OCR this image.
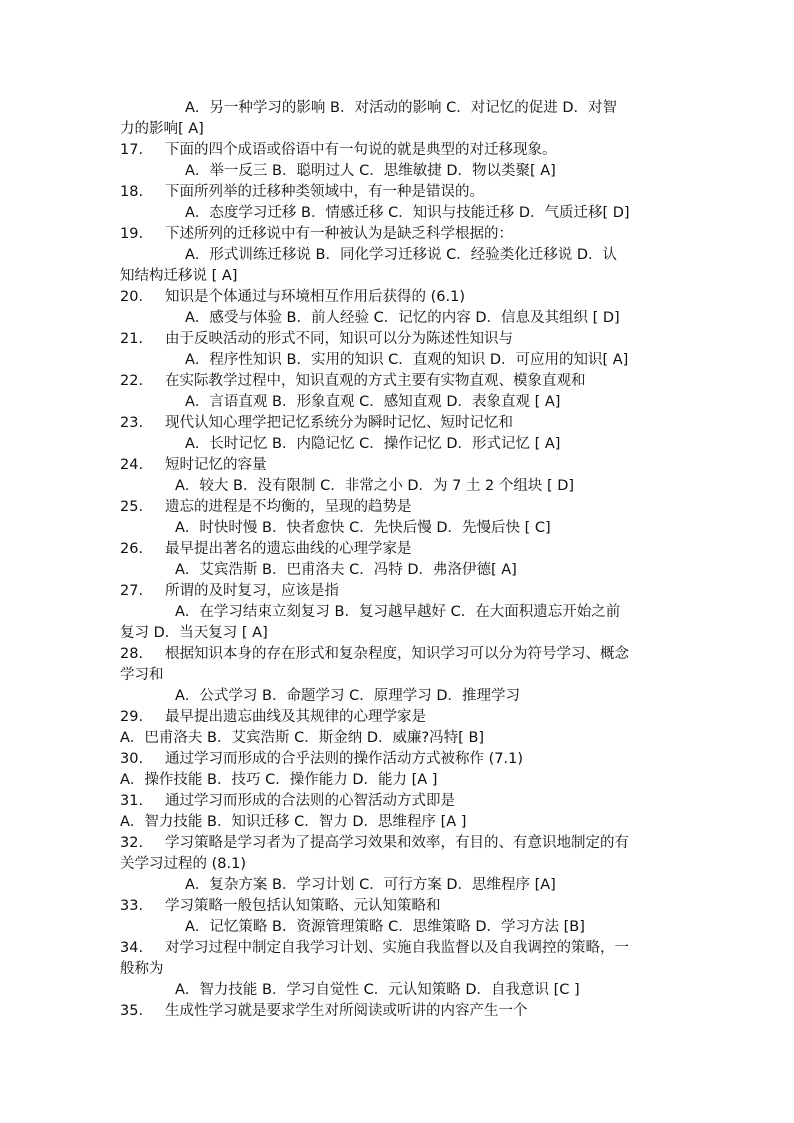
A．另一种学习的影响 B．对活动的影响 C．对记忆的促进 D．对智
力的影响[ A]
17. 下面的四个成语或俗语中有一句说的就是典型的对迁移现象。
A．举一反三 B．聪明过人 C．思维敏捷 D．物以类聚[ A]
18. 下面所列举的迁移种类领域中，有一种是错误的。
A．态度学习迁移 B．情感迁移 C．知识与技能迁移 D．气质迁移[ D]
19. 下述所列的迁移说中有一种被认为是缺乏科学根据的：
A．形式训练迁移说 B．同化学习迁移说 C．经验类化迁移说 D．认
知结构迁移说 [ A]
20. 知识是个体通过与环境相互作用后获得的 (6.1)
A．感受与体验 B．前人经验 C．记忆的内容 D．信息及其组织 [ D]
21. 由于反映活动的形式不同，知识可以分为陈述性知识与
A．程序性知识 B．实用的知识 C．直观的知识 D．可应用的知识[ A]
22. 在实际教学过程中，知识直观的方式主要有实物直观、模象直观和
A．言语直观 B．形象直观 C．感知直观 D．表象直观 [ A]
23. 现代认知心理学把记忆系统分为瞬时记忆、短时记忆和
A．长时记忆 B．内隐记忆 C．操作记忆 D．形式记忆 [ A]
24. 短时记忆的容量
A．较大 B．没有限制 C．非常之小 D．为 7 土 2 个组块 [ D]
25. 遗忘的进程是不均衡的，呈现的趋势是
A．时快时慢 B．快者愈快 C．先快后慢 D．先慢后快 [ C]
26. 最早提出著名的遗忘曲线的心理学家是
A．艾宾浩斯 B．巴甫洛夫 C．冯特 D．弗洛伊德[ A]
27. 所谓的及时复习，应该是指
A．在学习结束立刻复习 B．复习越早越好 C．在大面积遗忘开始之前
复习 D．当天复习 [ A]
28. 根据知识本身的存在形式和复杂程度，知识学习可以分为符号学习、概念
学习和
A．公式学习 B．命题学习 C．原理学习 D．推理学习
29. 最早提出遗忘曲线及其规律的心理学家是
A．巴甫洛夫 B．艾宾浩斯 C．斯金纳 D．威廉?冯特[ B]
30. 通过学习而形成的合乎法则的操作活动方式被称作 (7.1)
A．操作技能 B．技巧 C．操作能力 D．能力 [A ]
31. 通过学习而形成的合法则的心智活动方式即是
A．智力技能 B．知识迁移 C．智力 D．思维程序 [A ]
32. 学习策略是学习者为了提高学习效果和效率，有目的、有意识地制定的有
关学习过程的 (8.1)
A．复杂方案 B．学习计划 C．可行方案 D．思维程序 [A]
33. 学习策略一般包括认知策略、元认知策略和
A．记忆策略 B．资源管理策略 C．思维策略 D．学习方法 [B]
34. 对学习过程中制定自我学习计划、实施自我监督以及自我调控的策略，一
般称为
A．智力技能 B．学习自觉性 C．元认知策略 D．自我意识 [C ]
35. 生成性学习就是要求学生对所阅读或听讲的内容产生一个
